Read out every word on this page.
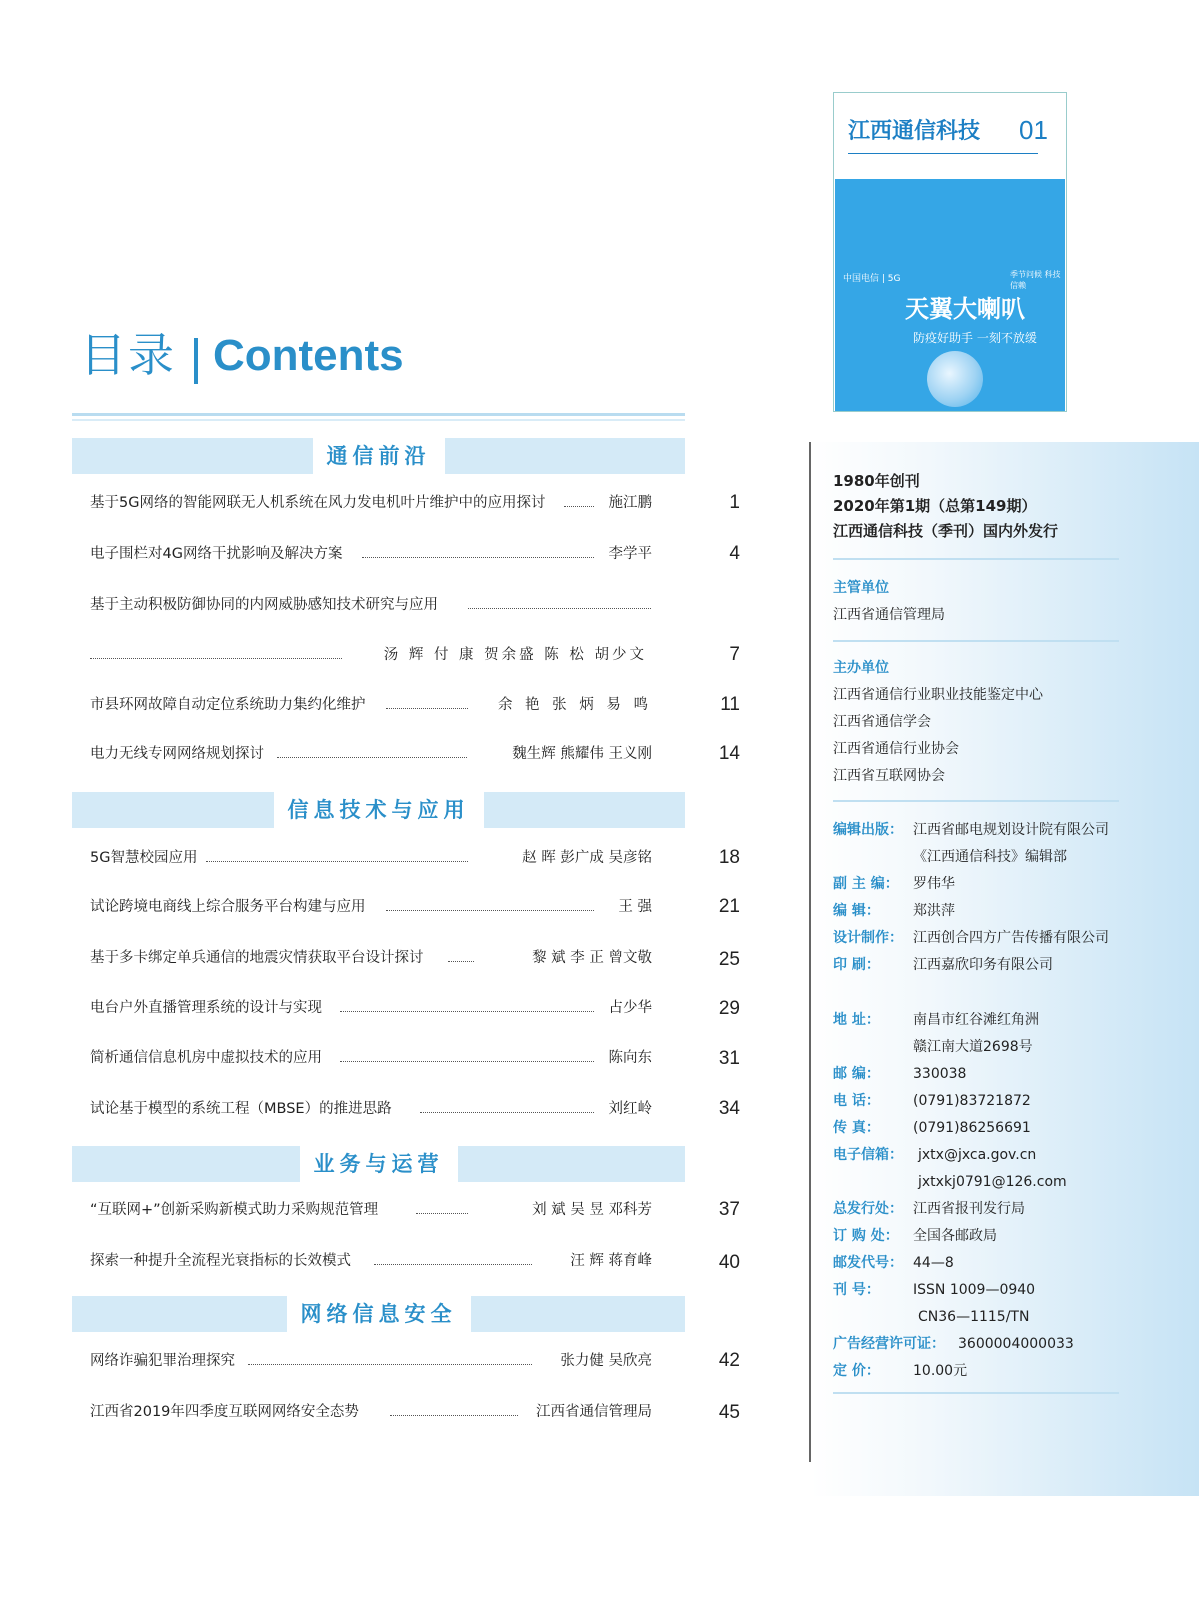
目录 Contents
通信前沿
基于5G网络的智能网联无人机系统在风力发电机叶片维护中的应用探讨	施江鹏	1
电子围栏对4G网络干扰影响及解决方案	李学平	4
基于主动积极防御协同的内网威胁感知技术研究与应用
汤 辉 付 康 贺余盛 陈 松 胡少文	7
市县环网故障自动定位系统助力集约化维护	余 艳 张 炳 易 鸣	11
电力无线专网网络规划探讨	魏生辉 熊耀伟 王义刚	14
信息技术与应用
5G智慧校园应用	赵 晖 彭广成 吴彦铭	18
试论跨境电商线上综合服务平台构建与应用	王 强	21
基于多卡绑定单兵通信的地震灾情获取平台设计探讨	黎 斌 李 正 曾文敬	25
电台户外直播管理系统的设计与实现	占少华	29
简析通信信息机房中虚拟技术的应用	陈向东	31
试论基于模型的系统工程（MBSE）的推进思路	刘红岭	34
业务与运营
“互联网+”创新采购新模式助力采购规范管理	刘 斌 吴 昱 邓科芳	37
探索一种提升全流程光衰指标的长效模式	汪 辉 蒋育峰	40
网络信息安全
网络诈骗犯罪治理探究	张力健 吴欣亮	42
江西省2019年四季度互联网网络安全态势	江西省通信管理局	45
江西通信科技 01
中国电信 | 5G	季节问候 科技信赖
天翼大喇叭
防疫好助手 一刻不放缓
1980年创刊
2020年第1期（总第149期）
江西通信科技（季刊）国内外发行
主管单位
江西省通信管理局
主办单位
江西省通信行业职业技能鉴定中心
江西省通信学会
江西省通信行业协会
江西省互联网协会
编辑出版： 江西省邮电规划设计院有限公司
《江西通信科技》编辑部
副 主 编： 罗伟华
编 辑： 郑洪萍
设计制作： 江西创合四方广告传播有限公司
印 刷： 江西嘉欣印务有限公司
地 址： 南昌市红谷滩红角洲
赣江南大道2698号
邮 编： 330038
电 话： (0791)83721872
传 真： (0791)86256691
电子信箱： jxtx@jxca.gov.cn
jxtxkj0791@126.com
总发行处： 江西省报刊发行局
订 购 处： 全国各邮政局
邮发代号： 44—8
刊 号： ISSN 1009—0940
CN36—1115/TN
广告经营许可证： 3600004000033
定 价： 10.00元
